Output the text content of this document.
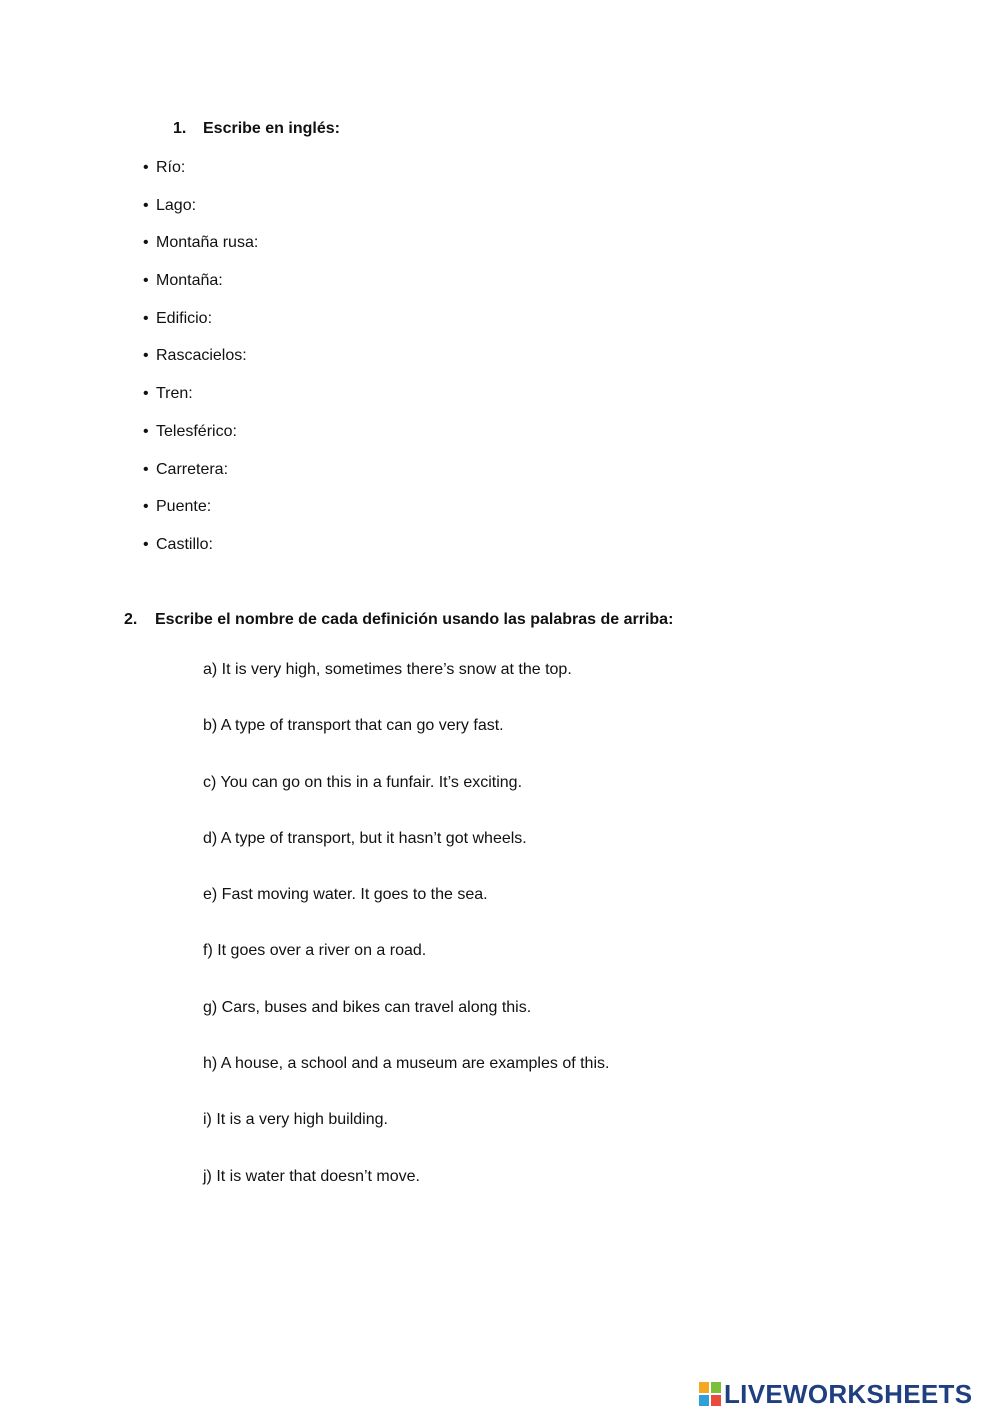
1. Escribe en inglés:
• Río:
• Lago:
• Montaña rusa:
• Montaña:
• Edificio:
• Rascacielos:
• Tren:
• Telesférico:
• Carretera:
• Puente:
• Castillo:
2. Escribe el nombre de cada definición usando las palabras de arriba:
a) It is very high, sometimes there’s snow at the top.
b) A type of transport that can go very fast.
c) You can go on this in a funfair. It’s exciting.
d) A type of transport, but it hasn’t got wheels.
e) Fast moving water. It goes to the sea.
f) It goes over a river on a road.
g) Cars, buses and bikes can travel along this.
h) A house, a school and a museum are examples of this.
i) It is a very high building.
j) It is water that doesn’t move.
LIVEWORKSHEETS
